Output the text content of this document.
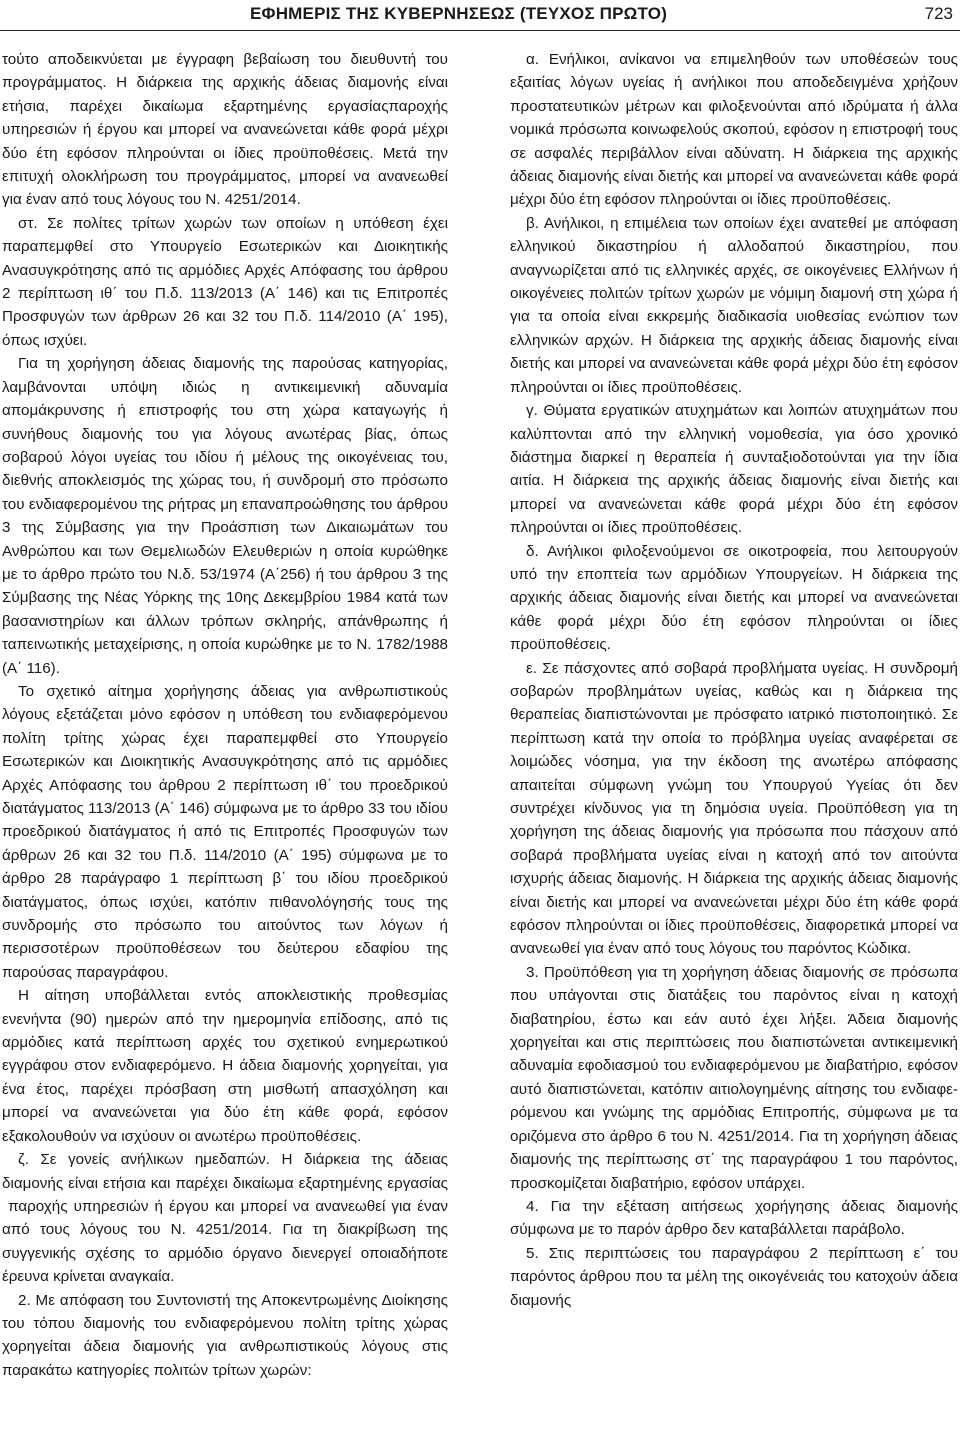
ΕΦΗΜΕΡΙΣ ΤΗΣ ΚΥΒΕΡΝΗΣΕΩΣ (ΤΕΥΧΟΣ ΠΡΩΤΟ)	723

τούτο αποδεικνύεται με έγγραφη βεβαίωση του διευθυντή του προγράμματος. Η διάρκεια της αρχικής άδειας διαμονής είναι ετήσια, παρέχει δικαίωμα εξαρτημένης εργασίαςπαροχής υπηρεσιών ή έργου και μπορεί να ανανεώνεται κάθε φορά μέχρι δύο έτη εφόσον πληρούνται οι ίδιες προϋποθέσεις. Μετά την επιτυχή ολοκλήρωση του προγράμματος, μπορεί να ανανεωθεί για έναν από τους λόγους του Ν. 4251/2014.

στ. Σε πολίτες τρίτων χωρών των οποίων η υπόθεση έχει παραπεμφθεί στο Υπουργείο Εσωτερικών και Διοικητικής Ανασυγκρότησης από τις αρμόδιες Αρχές Απόφασης του άρθρου 2 περίπτωση ιθ΄ του Π.δ. 113/2013 (Α΄ 146) και τις Επιτροπές Προσφυγών των άρθρων 26 και 32 του Π.δ. 114/2010 (Α΄ 195), όπως ισχύει.

Για τη χορήγηση άδειας διαμονής της παρούσας κατηγορίας, λαμβάνονται υπόψη ιδιώς η αντικειμενική αδυναμία απομάκρυνσης ή επιστροφής του στη χώρα καταγωγής ή συνήθους διαμονής του για λόγους ανωτέρας βίας, όπως σοβαρού λόγοι υγείας του ιδίου ή μέλους της οικογένειας του, διεθνής αποκλεισμός της χώρας του, ή συνδρομή στο πρόσωπο του ενδιαφερομένου της ρήτρας μη επαναπροώθησης του άρθρου 3 της Σύμβασης για την Προάσπιση των Δικαιωμάτων του Ανθρώπου και των Θεμελιωδών Ελευθεριών η οποία κυρώθηκε με το άρθρο πρώτο του Ν.δ. 53/1974 (Α΄256) ή του άρθρου 3 της Σύμβασης της Νέας Υόρκης της 10ης Δεκεμβρίου 1984 κατά των βασανιστηρίων και άλλων τρόπων σκληρής, απάνθρωπης ή ταπεινωτικής μεταχείρισης, η οποία κυρώθηκε με το Ν. 1782/1988 (Α΄ 116).

Το σχετικό αίτημα χορήγησης άδειας για ανθρωπιστικούς λόγους εξετάζεται μόνο εφόσον η υπόθεση του ενδιαφερόμενου πολίτη τρίτης χώρας έχει παραπεμφθεί στο Υπουργείο Εσωτερικών και Διοικητικής Ανασυγκρότησης από τις αρμόδιες Αρχές Απόφασης του άρθρου 2 περίπτωση ιθ΄ του προεδρικού διατάγματος 113/2013 (Α΄ 146) σύμφωνα με το άρθρο 33 του ιδίου προεδρικού διατάγματος ή από τις Επιτροπές Προσφυγών των άρθρων 26 και 32 του Π.δ. 114/2010 (Α΄ 195) σύμφωνα με το άρθρο 28 παράγραφο 1 περίπτωση β΄ του ιδίου προεδρικού διατάγματος, όπως ισχύει, κατόπιν πιθανολόγησής τους της συνδρομής στο πρόσωπο του αιτούντος των λόγων ή περισσοτέρων προϋποθέσεων του δεύτερου εδαφίου της παρούσας παραγράφου.

Η αίτηση υποβάλλεται εντός αποκλειστικής προθεσμίας ενενήντα (90) ημερών από την ημερομηνία επίδοσης, από τις αρμόδιες κατά περίπτωση αρχές του σχετικού ενημερωτικού εγγράφου στον ενδιαφερόμενο. Η άδεια διαμονής χορηγείται, για ένα έτος, παρέχει πρόσβαση στη μισθωτή απασχόληση και μπορεί να ανανεώνεται για δύο έτη κάθε φορά, εφόσον εξακολουθούν να ισχύουν οι ανωτέρω προϋποθέσεις.

ζ. Σε γονείς ανήλικων ημεδαπών. Η διάρκεια της άδειας διαμονής είναι ετήσια και παρέχει δικαίωμα εξαρτημένης εργασίας παροχής υπηρεσιών ή έργου και μπορεί να ανανεωθεί για έναν από τους λόγους του Ν. 4251/2014. Για τη διακρίβωση της συγγενικής σχέσης το αρμόδιο όργανο διενεργεί οποιαδήποτε έρευνα κρίνεται αναγκαία.

2. Με απόφαση του Συντονιστή της Αποκεντρωμένης Διοίκησης του τόπου διαμονής του ενδιαφερόμενου πολίτη τρίτης χώρας χορηγείται άδεια διαμονής για ανθρωπιστικούς λόγους στις παρακάτω κατηγορίες πολιτών τρίτων χωρών:

α. Ενήλικοι, ανίκανοι να επιμεληθούν των υποθέσεών τους εξαιτίας λόγων υγείας ή ανήλικοι που αποδεδειγμένα χρήζουν προστατευτικών μέτρων και φιλοξενούνται από ιδρύματα ή άλλα νομικά πρόσωπα κοινωφελούς σκοπού, εφόσον η επιστροφή τους σε ασφαλές περιβάλλον είναι αδύνατη. Η διάρκεια της αρχικής άδειας διαμονής είναι διετής και μπορεί να ανανεώνεται κάθε φορά μέχρι δύο έτη εφόσον πληρούνται οι ίδιες προϋποθέσεις.

β. Ανήλικοι, η επιμέλεια των οποίων έχει ανατεθεί με απόφαση ελληνικού δικαστηρίου ή αλλοδαπού δικαστηρίου, που αναγνωρίζεται από τις ελληνικές αρχές, σε οικογένειες Ελλήνων ή οικογένειες πολιτών τρίτων χωρών με νόμιμη διαμονή στη χώρα ή για τα οποία είναι εκκρεμής διαδικασία υιοθεσίας ενώπιον των ελληνικών αρχών. Η διάρκεια της αρχικής άδειας διαμονής είναι διετής και μπορεί να ανανεώνεται κάθε φορά μέχρι δύο έτη εφόσον πληρούνται οι ίδιες προϋποθέσεις.

γ. Θύματα εργατικών ατυχημάτων και λοιπών ατυχημάτων που καλύπτονται από την ελληνική νομοθεσία, για όσο χρονικό διάστημα διαρκεί η θεραπεία ή συνταξιοδοτούνται για την ίδια αιτία. Η διάρκεια της αρχικής άδειας διαμονής είναι διετής και μπορεί να ανανεώνεται κάθε φορά μέχρι δύο έτη εφόσον πληρούνται οι ίδιες προϋποθέσεις.

δ. Ανήλικοι φιλοξενούμενοι σε οικοτροφεία, που λειτουργούν υπό την εποπτεία των αρμόδιων Υπουργείων. Η διάρκεια της αρχικής άδειας διαμονής είναι διετής και μπορεί να ανανεώνεται κάθε φορά μέχρι δύο έτη εφόσον πληρούνται οι ίδιες προϋποθέσεις.

ε. Σε πάσχοντες από σοβαρά προβλήματα υγείας. Η συνδρομή σοβαρών προβλημάτων υγείας, καθώς και η διάρκεια της θεραπείας διαπιστώνονται με πρόσφατο ιατρικό πιστοποιητικό. Σε περίπτωση κατά την οποία το πρόβλημα υγείας αναφέρεται σε λοιμώδες νόσημα, για την έκδοση της ανωτέρω απόφασης απαιτείται σύμφωνη γνώμη του Υπουργού Υγείας ότι δεν συντρέχει κίνδυνος για τη δημόσια υγεία. Προϋπόθεση για τη χορήγηση της άδειας διαμονής για πρόσωπα που πάσχουν από σοβαρά προβλήματα υγείας είναι η κατοχή από τον αιτούντα ισχυρής άδειας διαμονής. Η διάρκεια της αρχικής άδειας διαμονής είναι διετής και μπορεί να ανανεώνεται μέχρι δύο έτη κάθε φορά εφόσον πληρούνται οι ίδιες προϋποθέσεις, διαφορετικά μπορεί να ανανεωθεί για έναν από τους λόγους του παρόντος Κώδικα.

3. Προϋπόθεση για τη χορήγηση άδειας διαμονής σε πρόσωπα που υπάγονται στις διατάξεις του παρόντος είναι η κατοχή διαβατηρίου, έστω και εάν αυτό έχει λήξει. Άδεια διαμονής χορηγείται και στις περιπτώσεις που διαπιστώνεται αντικειμενική αδυναμία εφοδιασμού του ενδιαφερόμενου με διαβατήριο, εφόσον αυτό διαπιστώνεται, κατόπιν αιτιολογημένης αίτησης του ενδιαφερόμενου και γνώμης της αρμόδιας Επιτροπής, σύμφωνα με τα οριζόμενα στο άρθρο 6 του Ν. 4251/2014. Για τη χορήγηση άδειας διαμονής της περίπτωσης στ΄ της παραγράφου 1 του παρόντος, προσκομίζεται διαβατήριο, εφόσον υπάρχει.

4. Για την εξέταση αιτήσεως χορήγησης άδειας διαμονής σύμφωνα με το παρόν άρθρο δεν καταβάλλεται παράβολο.

5. Στις περιπτώσεις του παραγράφου 2 περίπτωση ε΄ του παρόντος άρθρου που τα μέλη της οικογένειάς του κατοχούν άδεια διαμονής
